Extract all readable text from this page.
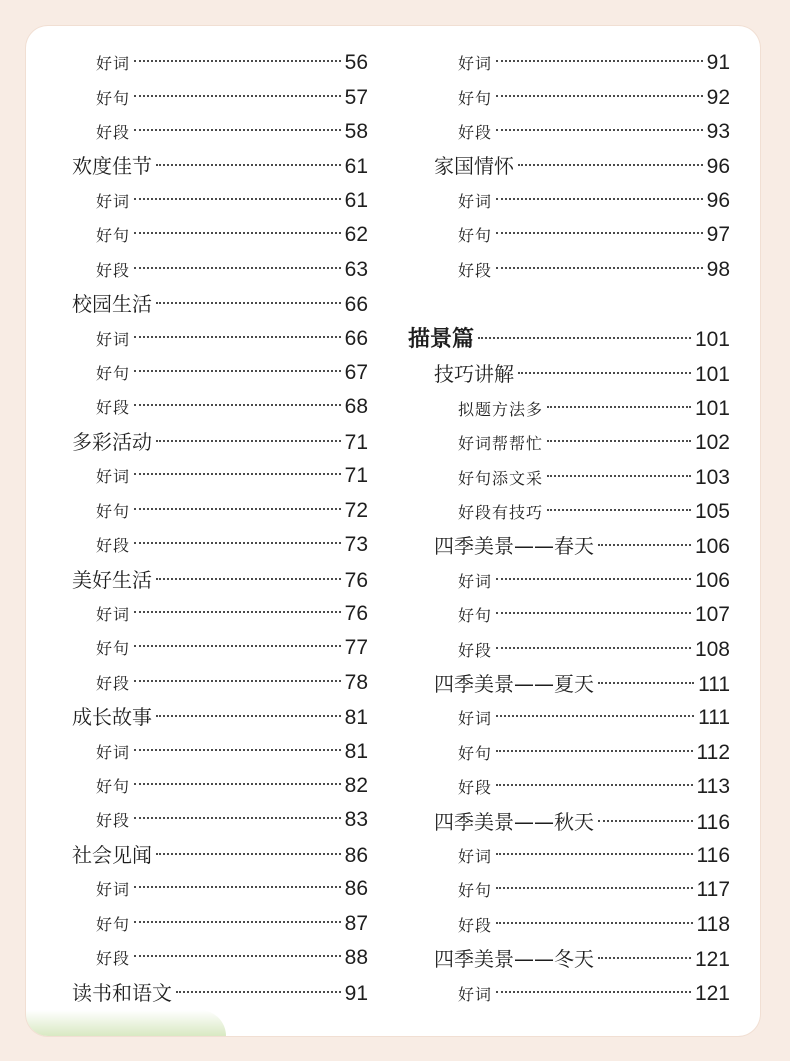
好词	56
好句	57
好段	58
欢度佳节	61
好词	61
好句	62
好段	63
校园生活	66
好词	66
好句	67
好段	68
多彩活动	71
好词	71
好句	72
好段	73
美好生活	76
好词	76
好句	77
好段	78
成长故事	81
好词	81
好句	82
好段	83
社会见闻	86
好词	86
好句	87
好段	88
读书和语文	91
好词	91
好句	92
好段	93
家国情怀	96
好词	96
好句	97
好段	98
描景篇	101
技巧讲解	101
拟题方法多	101
好词帮帮忙	102
好句添文采	103
好段有技巧	105
四季美景——春天	106
好词	106
好句	107
好段	108
四季美景——夏天	111
好词	111
好句	112
好段	113
四季美景——秋天	116
好词	116
好句	117
好段	118
四季美景——冬天	121
好词	121
